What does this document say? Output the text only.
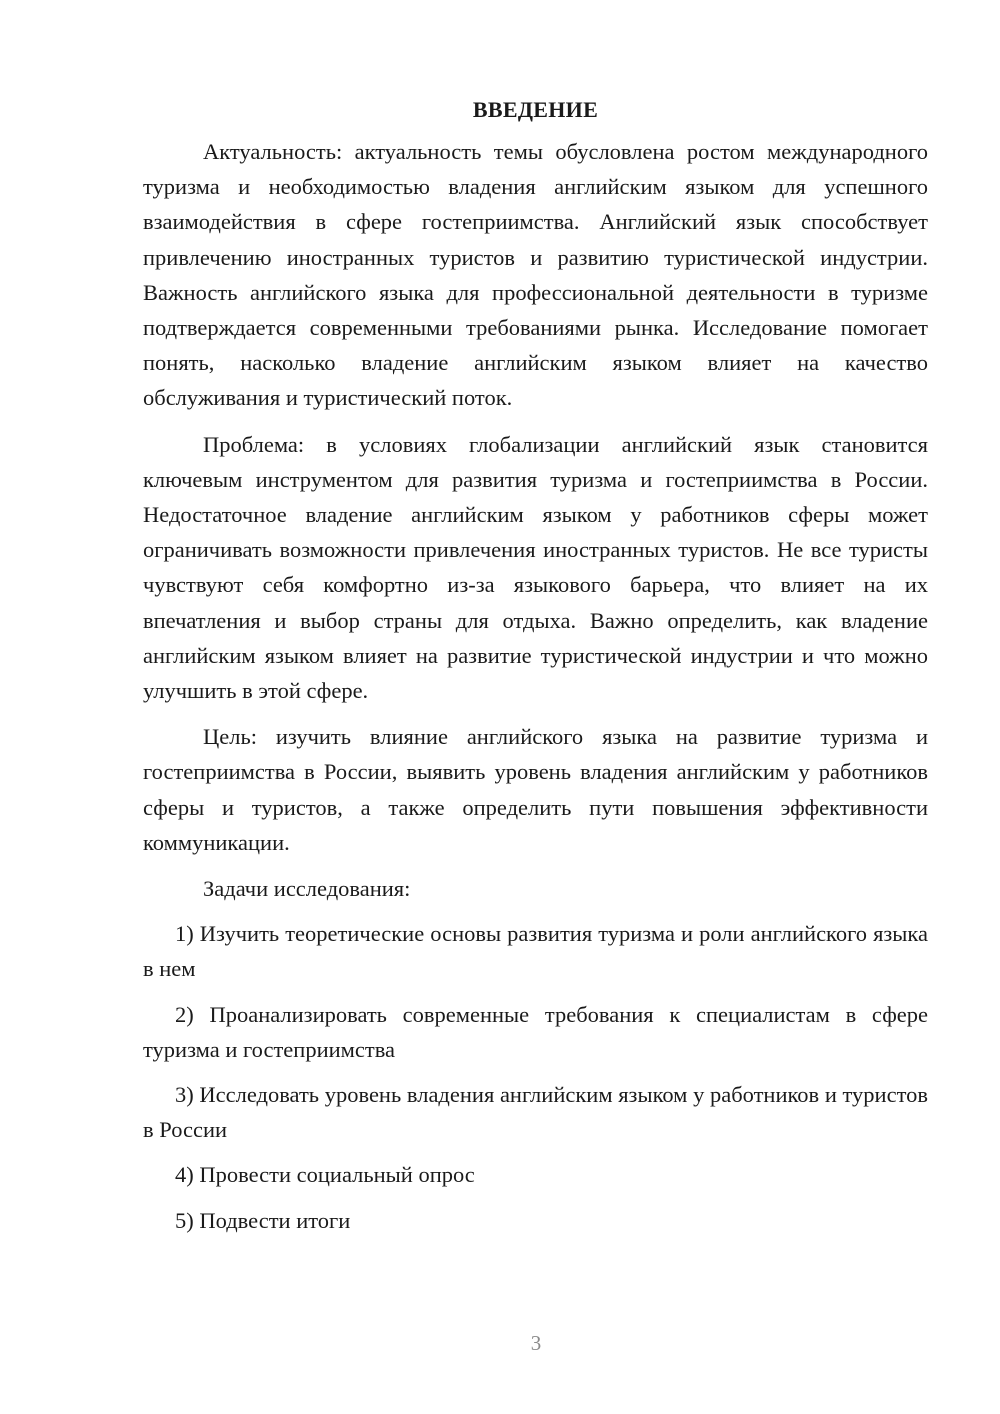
ВВЕДЕНИЕ

Актуальность: актуальность темы обусловлена ростом международного туризма и необходимостью владения английским языком для успешного взаимодействия в сфере гостеприимства. Английский язык способствует привлечению иностранных туристов и развитию туристической индустрии. Важность английского языка для профессиональной деятельности в туризме подтверждается современными требованиями рынка. Исследование помогает понять, насколько владение английским языком влияет на качество обслуживания и туристический поток.

Проблема: в условиях глобализации английский язык становится ключевым инструментом для развития туризма и гостеприимства в России. Недостаточное владение английским языком у работников сферы может ограничивать возможности привлечения иностранных туристов. Не все туристы чувствуют себя комфортно из-за языкового барьера, что влияет на их впечатления и выбор страны для отдыха. Важно определить, как владение английским языком влияет на развитие туристической индустрии и что можно улучшить в этой сфере.

Цель: изучить влияние английского языка на развитие туризма и гостеприимства в России, выявить уровень владения английским у работников сферы и туристов, а также определить пути повышения эффективности коммуникации.

Задачи исследования:

1) Изучить теоретические основы развития туризма и роли английского языка в нем

2) Проанализировать современные требования к специалистам в сфере туризма и гостеприимства

3) Исследовать уровень владения английским языком у работников и туристов в России

4) Провести социальный опрос

5) Подвести итоги

3
